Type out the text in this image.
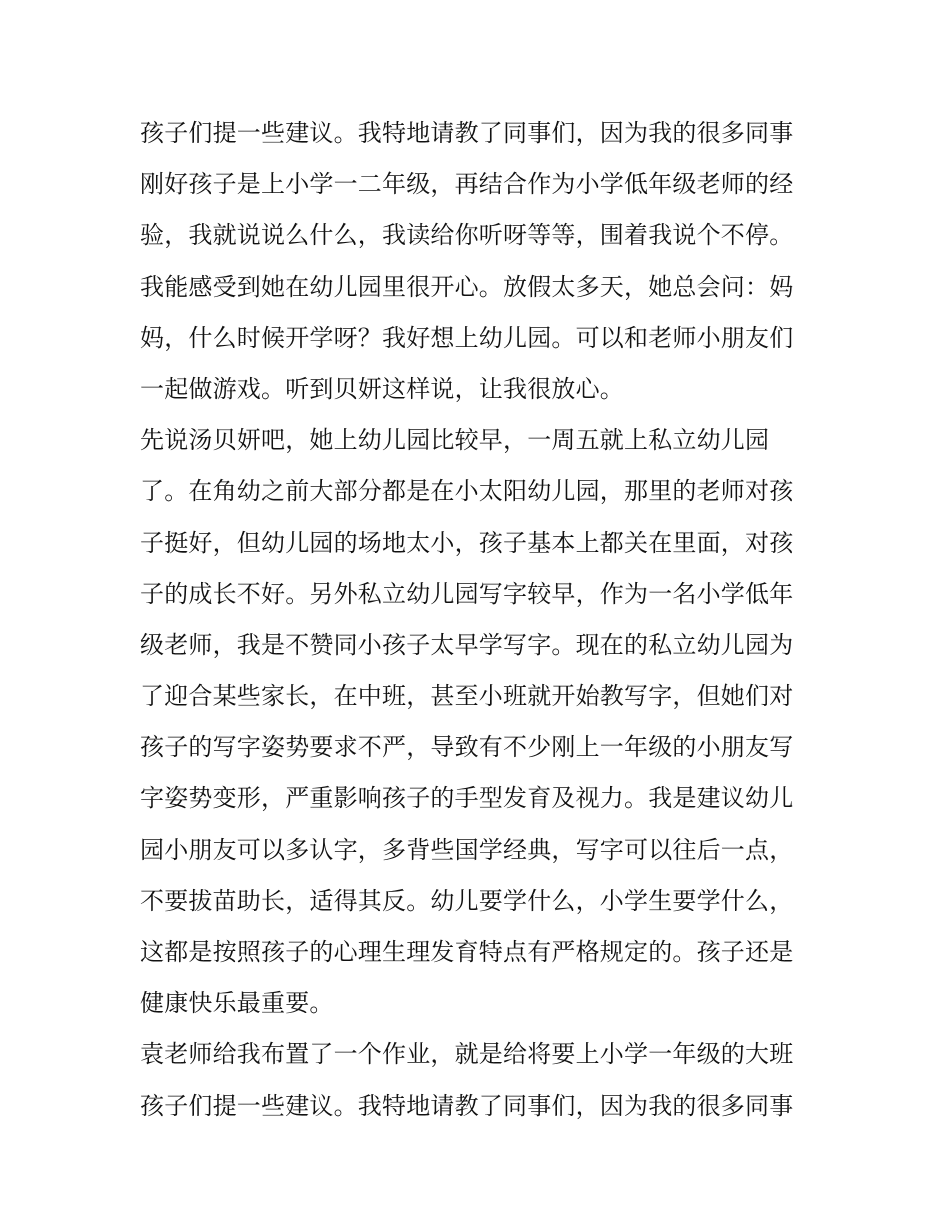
孩子们提一些建议。我特地请教了同事们，因为我的很多同事
刚好孩子是上小学一二年级，再结合作为小学低年级老师的经
验，我就说说么什么，我读给你听呀等等，围着我说个不停。
我能感受到她在幼儿园里很开心。放假太多天，她总会问：妈
妈，什么时候开学呀？我好想上幼儿园。可以和老师小朋友们
一起做游戏。听到贝妍这样说，让我很放心。
先说汤贝妍吧，她上幼儿园比较早，一周五就上私立幼儿园
了。在角幼之前大部分都是在小太阳幼儿园，那里的老师对孩
子挺好，但幼儿园的场地太小，孩子基本上都关在里面，对孩
子的成长不好。另外私立幼儿园写字较早，作为一名小学低年
级老师，我是不赞同小孩子太早学写字。现在的私立幼儿园为
了迎合某些家长，在中班，甚至小班就开始教写字，但她们对
孩子的写字姿势要求不严，导致有不少刚上一年级的小朋友写
字姿势变形，严重影响孩子的手型发育及视力。我是建议幼儿
园小朋友可以多认字，多背些国学经典，写字可以往后一点，
不要拔苗助长，适得其反。幼儿要学什么，小学生要学什么，
这都是按照孩子的心理生理发育特点有严格规定的。孩子还是
健康快乐最重要。
袁老师给我布置了一个作业，就是给将要上小学一年级的大班
孩子们提一些建议。我特地请教了同事们，因为我的很多同事
